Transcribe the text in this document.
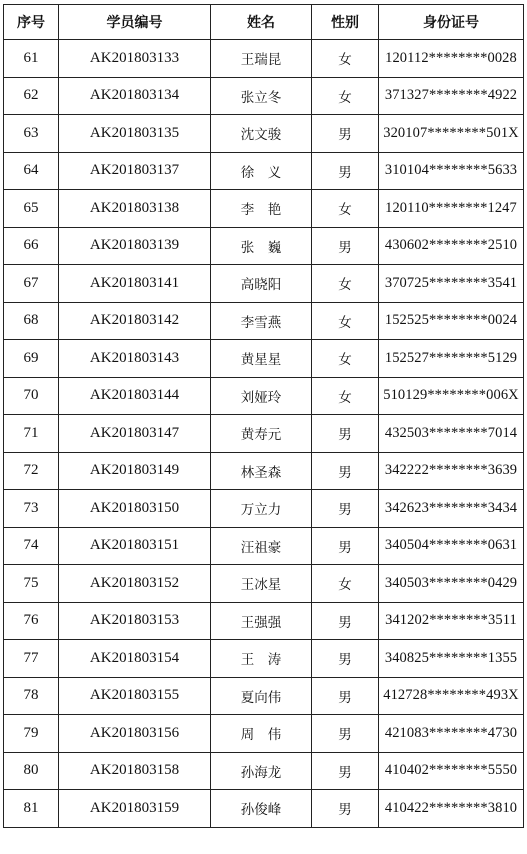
序号	学员编号	姓名	性别	身份证号
61	AK201803133	王瑞昆	女	120112********0028
62	AK201803134	张立冬	女	371327********4922
63	AK201803135	沈文骏	男	320107********501X
64	AK201803137	徐　义	男	310104********5633
65	AK201803138	李　艳	女	120110********1247
66	AK201803139	张　巍	男	430602********2510
67	AK201803141	高晓阳	女	370725********3541
68	AK201803142	李雪燕	女	152525********0024
69	AK201803143	黄星星	女	152527********5129
70	AK201803144	刘娅玲	女	510129********006X
71	AK201803147	黄寿元	男	432503********7014
72	AK201803149	林圣森	男	342222********3639
73	AK201803150	万立力	男	342623********3434
74	AK201803151	汪祖豪	男	340504********0631
75	AK201803152	王冰星	女	340503********0429
76	AK201803153	王强强	男	341202********3511
77	AK201803154	王　涛	男	340825********1355
78	AK201803155	夏向伟	男	412728********493X
79	AK201803156	周　伟	男	421083********4730
80	AK201803158	孙海龙	男	410402********5550
81	AK201803159	孙俊峰	男	410422********3810
